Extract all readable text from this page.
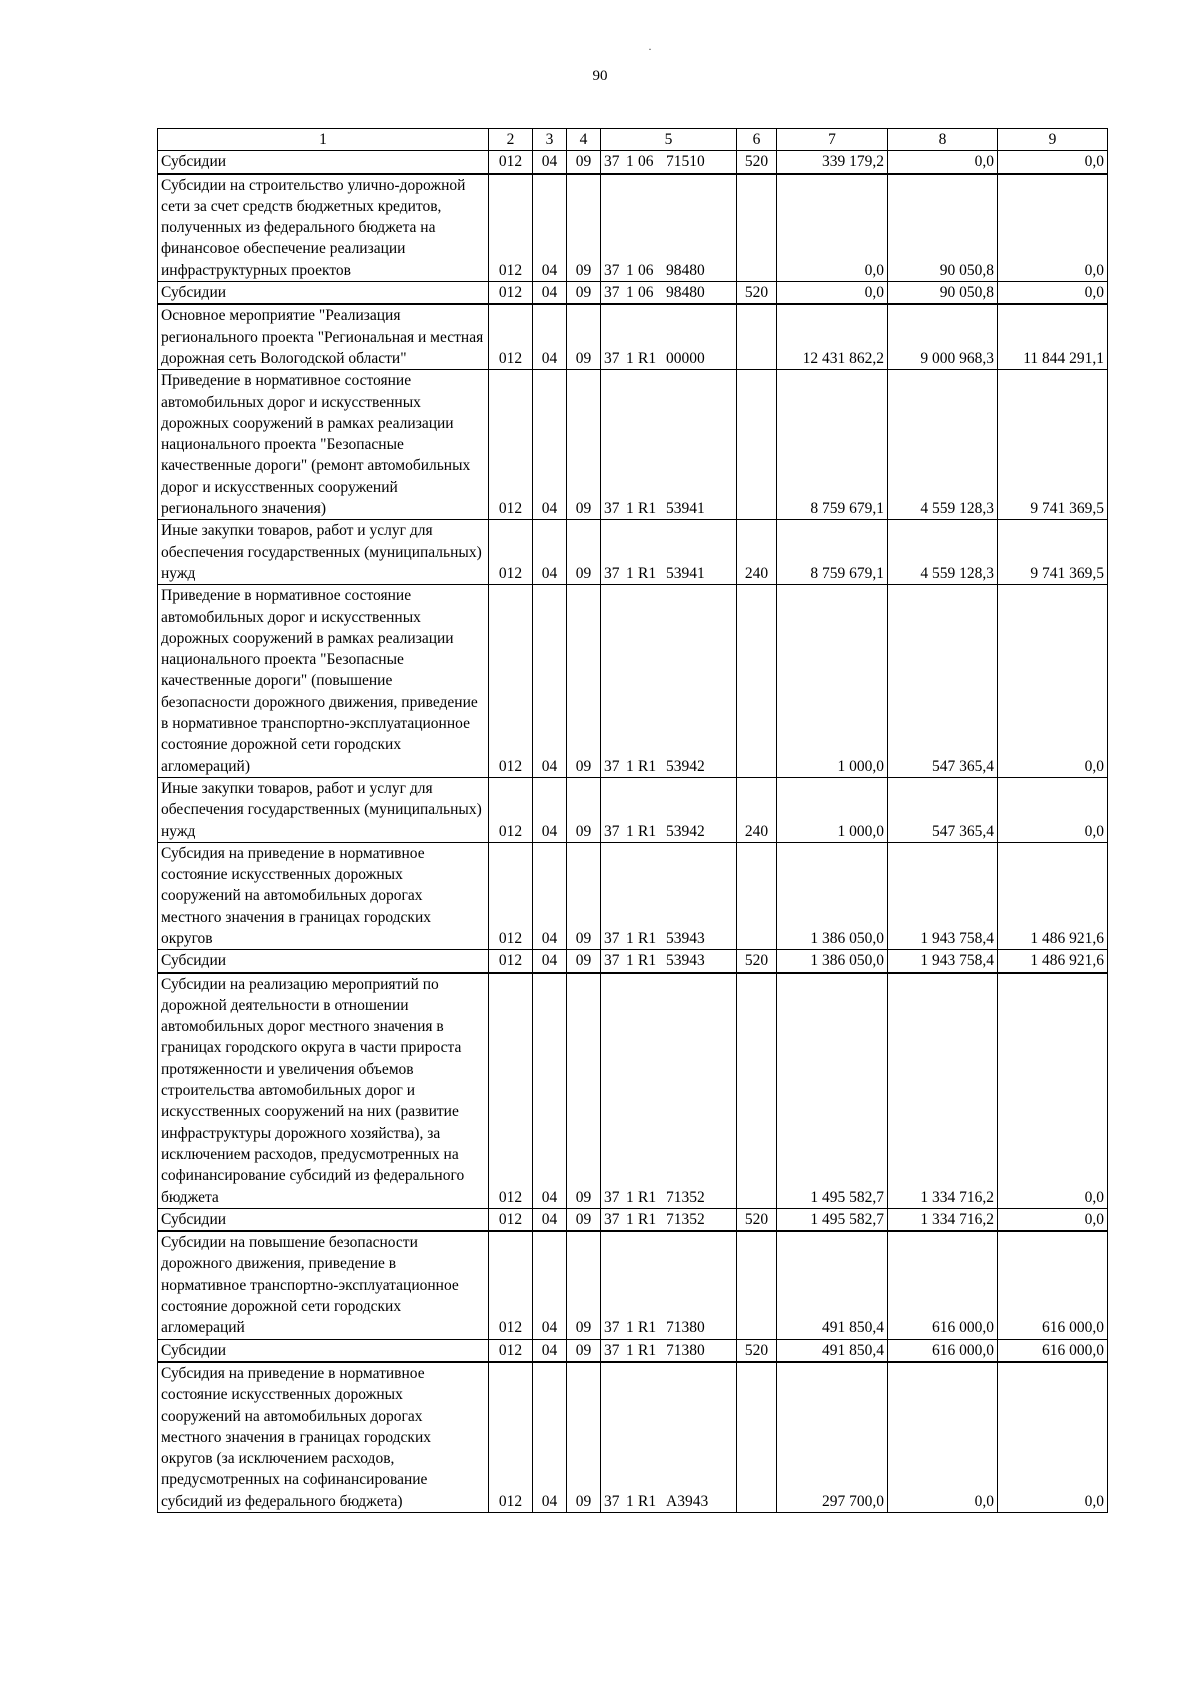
90
·
1	2	3	4	5	6	7	8	9
Субсидии	012	04	09	37 1 06 71510	520	339 179,2	0,0	0,0
Субсидии на строительство улично-дорожной сети за счет средств бюджетных кредитов, полученных из федерального бюджета на финансовое обеспечение реализации инфраструктурных проектов	012	04	09	37 1 06 98480		0,0	90 050,8	0,0
Субсидии	012	04	09	37 1 06 98480	520	0,0	90 050,8	0,0
Основное мероприятие "Реализация регионального проекта "Региональная и местная дорожная сеть Вологодской области"	012	04	09	37 1 R1 00000		12 431 862,2	9 000 968,3	11 844 291,1
Приведение в нормативное состояние автомобильных дорог и искусственных дорожных сооружений в рамках реализации национального проекта "Безопасные качественные дороги" (ремонт автомобильных дорог и искусственных сооружений регионального значения)	012	04	09	37 1 R1 53941		8 759 679,1	4 559 128,3	9 741 369,5
Иные закупки товаров, работ и услуг для обеспечения государственных (муниципальных) нужд	012	04	09	37 1 R1 53941	240	8 759 679,1	4 559 128,3	9 741 369,5
Приведение в нормативное состояние автомобильных дорог и искусственных дорожных сооружений в рамках реализации национального проекта "Безопасные качественные дороги" (повышение безопасности дорожного движения, приведение в нормативное транспортно-эксплуатационное состояние дорожной сети городских агломераций)	012	04	09	37 1 R1 53942		1 000,0	547 365,4	0,0
Иные закупки товаров, работ и услуг для обеспечения государственных (муниципальных) нужд	012	04	09	37 1 R1 53942	240	1 000,0	547 365,4	0,0
Субсидия на приведение в нормативное состояние искусственных дорожных сооружений на автомобильных дорогах местного значения в границах городских округов	012	04	09	37 1 R1 53943		1 386 050,0	1 943 758,4	1 486 921,6
Субсидии	012	04	09	37 1 R1 53943	520	1 386 050,0	1 943 758,4	1 486 921,6
Субсидии на реализацию мероприятий по дорожной деятельности в отношении автомобильных дорог местного значения в границах городского округа в части прироста протяженности и увеличения объемов строительства автомобильных дорог и искусственных сооружений на них (развитие инфраструктуры дорожного хозяйства), за исключением расходов, предусмотренных на софинансирование субсидий из федерального бюджета	012	04	09	37 1 R1 71352		1 495 582,7	1 334 716,2	0,0
Субсидии	012	04	09	37 1 R1 71352	520	1 495 582,7	1 334 716,2	0,0
Субсидии на повышение безопасности дорожного движения, приведение в нормативное транспортно-эксплуатационное состояние дорожной сети городских агломераций	012	04	09	37 1 R1 71380		491 850,4	616 000,0	616 000,0
Субсидии	012	04	09	37 1 R1 71380	520	491 850,4	616 000,0	616 000,0
Субсидия на приведение в нормативное состояние искусственных дорожных сооружений на автомобильных дорогах местного значения в границах городских округов (за исключением расходов, предусмотренных на софинансирование субсидий из федерального бюджета)	012	04	09	37 1 R1 A3943		297 700,0	0,0	0,0
